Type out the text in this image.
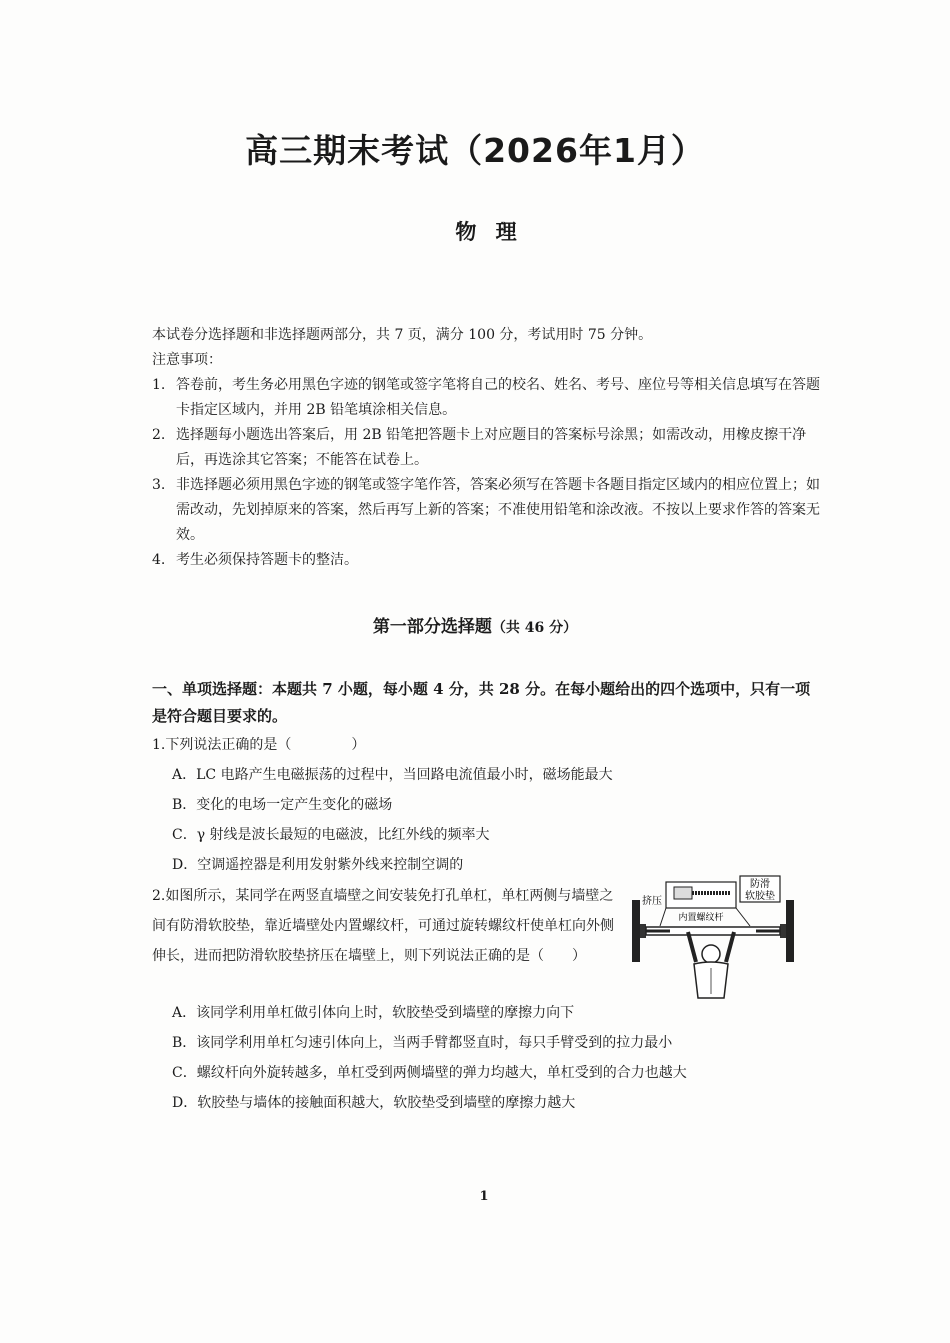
高三期末考试（2026年1月）
物 理
本试卷分选择题和非选择题两部分，共 7 页，满分 100 分，考试用时 75 分钟。
注意事项：
1. 答卷前，考生务必用黑色字迹的钢笔或签字笔将自己的校名、姓名、考号、座位号等相关信息填写在答题卡指定区域内，并用 2B 铅笔填涂相关信息。
2. 选择题每小题选出答案后，用 2B 铅笔把答题卡上对应题目的答案标号涂黑；如需改动，用橡皮擦干净后，再选涂其它答案；不能答在试卷上。
3. 非选择题必须用黑色字迹的钢笔或签字笔作答，答案必须写在答题卡各题目指定区域内的相应位置上；如需改动，先划掉原来的答案，然后再写上新的答案；不准使用铅笔和涂改液。不按以上要求作答的答案无效。
4. 考生必须保持答题卡的整洁。
第一部分选择题（共 46 分）
一、单项选择题：本题共 7 小题，每小题 4 分，共 28 分。在每小题给出的四个选项中，只有一项是符合题目要求的。
1.下列说法正确的是（	）
A．LC 电路产生电磁振荡的过程中，当回路电流值最小时，磁场能最大
B．变化的电场一定产生变化的磁场
C．γ 射线是波长最短的电磁波，比红外线的频率大
D．空调遥控器是利用发射紫外线来控制空调的
2.如图所示，某同学在两竖直墙壁之间安装免打孔单杠，单杠两侧与墙壁之间有防滑软胶垫，靠近墙壁处内置螺纹杆，可通过旋转螺纹杆使单杠向外侧伸长，进而把防滑软胶垫挤压在墙壁上，则下列说法正确的是（　　）
防滑
软胶垫
挤压
内置螺纹杆
A．该同学利用单杠做引体向上时，软胶垫受到墙壁的摩擦力向下
B．该同学利用单杠匀速引体向上，当两手臂都竖直时，每只手臂受到的拉力最小
C．螺纹杆向外旋转越多，单杠受到两侧墙壁的弹力均越大，单杠受到的合力也越大
D．软胶垫与墙体的接触面积越大，软胶垫受到墙壁的摩擦力越大
1
